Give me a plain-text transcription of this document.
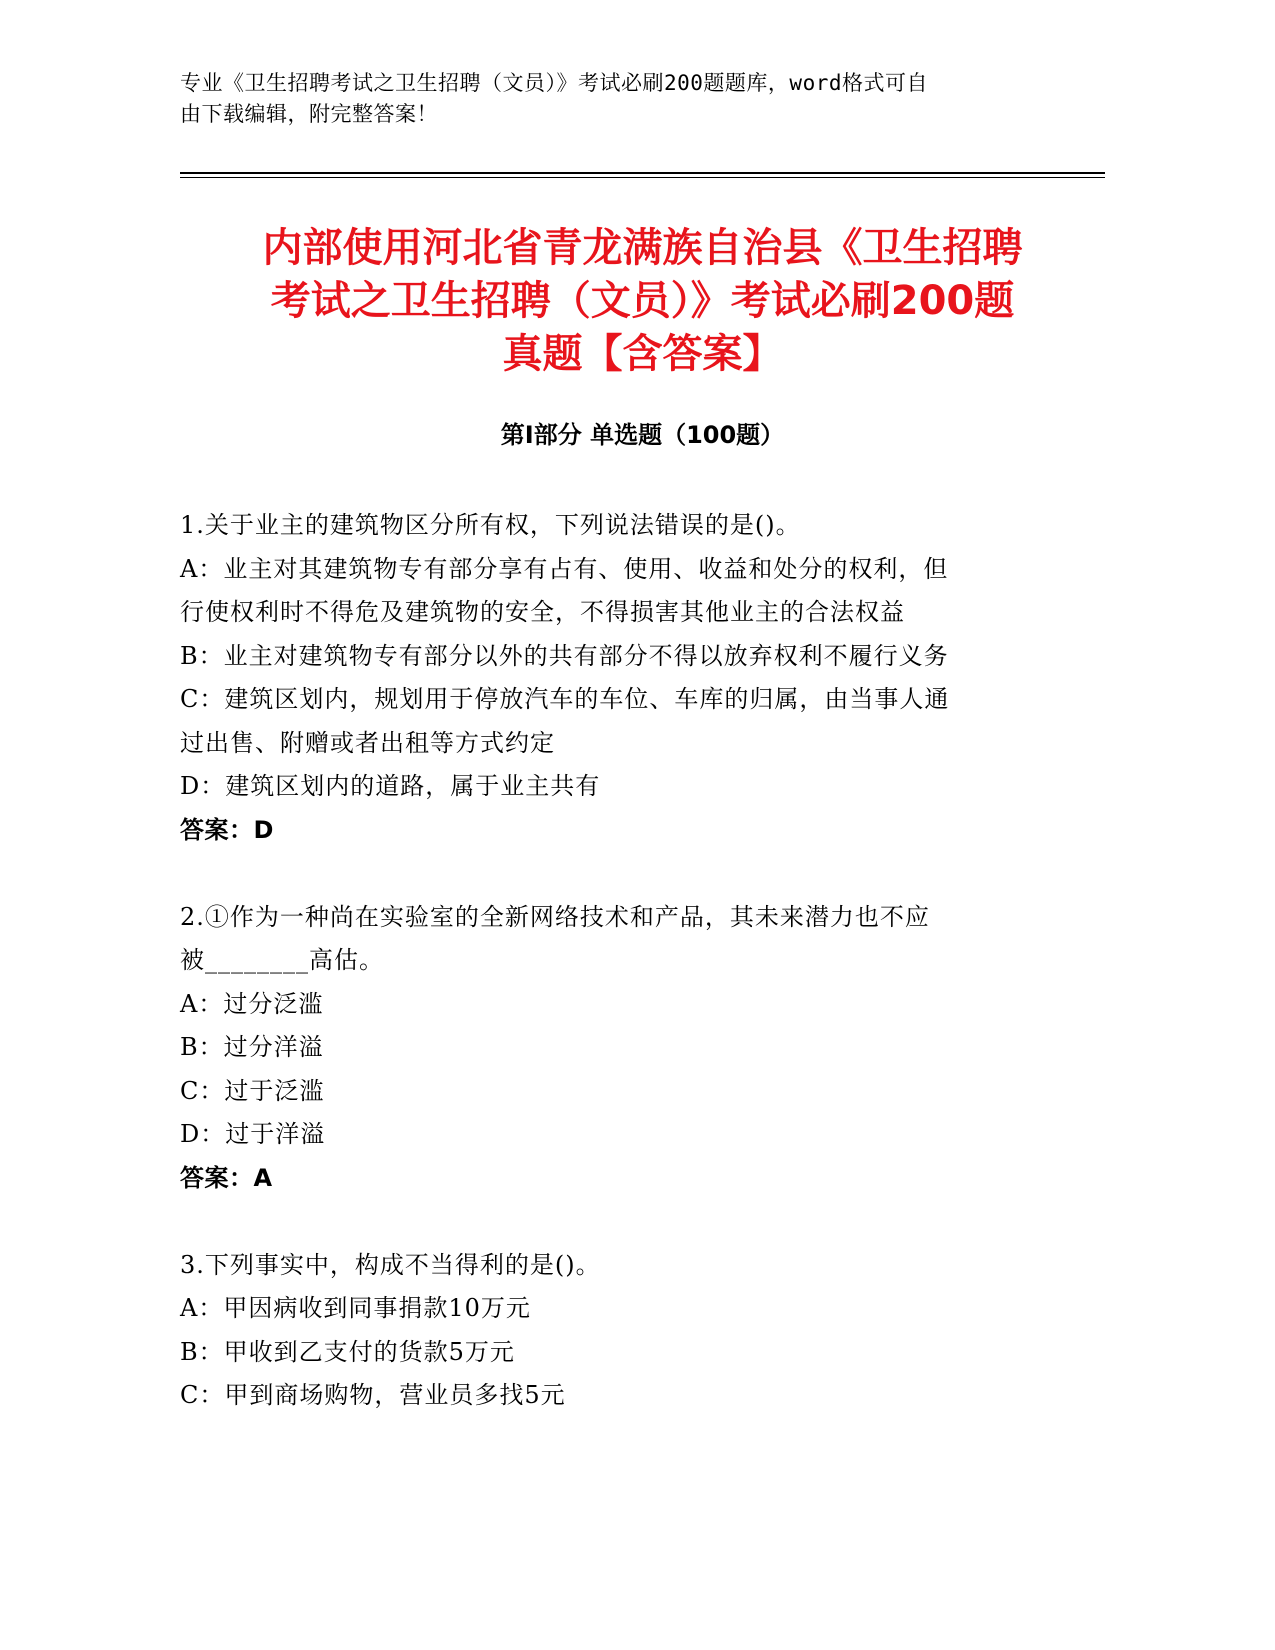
专业《卫生招聘考试之卫生招聘（文员）》考试必刷200题题库，word格式可自
由下载编辑，附完整答案！
内部使用河北省青龙满族自治县《卫生招聘
考试之卫生招聘（文员）》考试必刷200题
真题【含答案】
第Ⅰ部分 单选题（100题）
1.关于业主的建筑物区分所有权，下列说法错误的是()。
A：业主对其建筑物专有部分享有占有、使用、收益和处分的权利，但
行使权利时不得危及建筑物的安全，不得损害其他业主的合法权益
B：业主对建筑物专有部分以外的共有部分不得以放弃权利不履行义务
C：建筑区划内，规划用于停放汽车的车位、车库的归属，由当事人通
过出售、附赠或者出租等方式约定
D：建筑区划内的道路，属于业主共有
答案：D
2.①作为一种尚在实验室的全新网络技术和产品，其未来潜力也不应
被________高估。
A：过分泛滥
B：过分洋溢
C：过于泛滥
D：过于洋溢
答案：A
3.下列事实中，构成不当得利的是()。
A：甲因病收到同事捐款10万元
B：甲收到乙支付的货款5万元
C：甲到商场购物，营业员多找5元
